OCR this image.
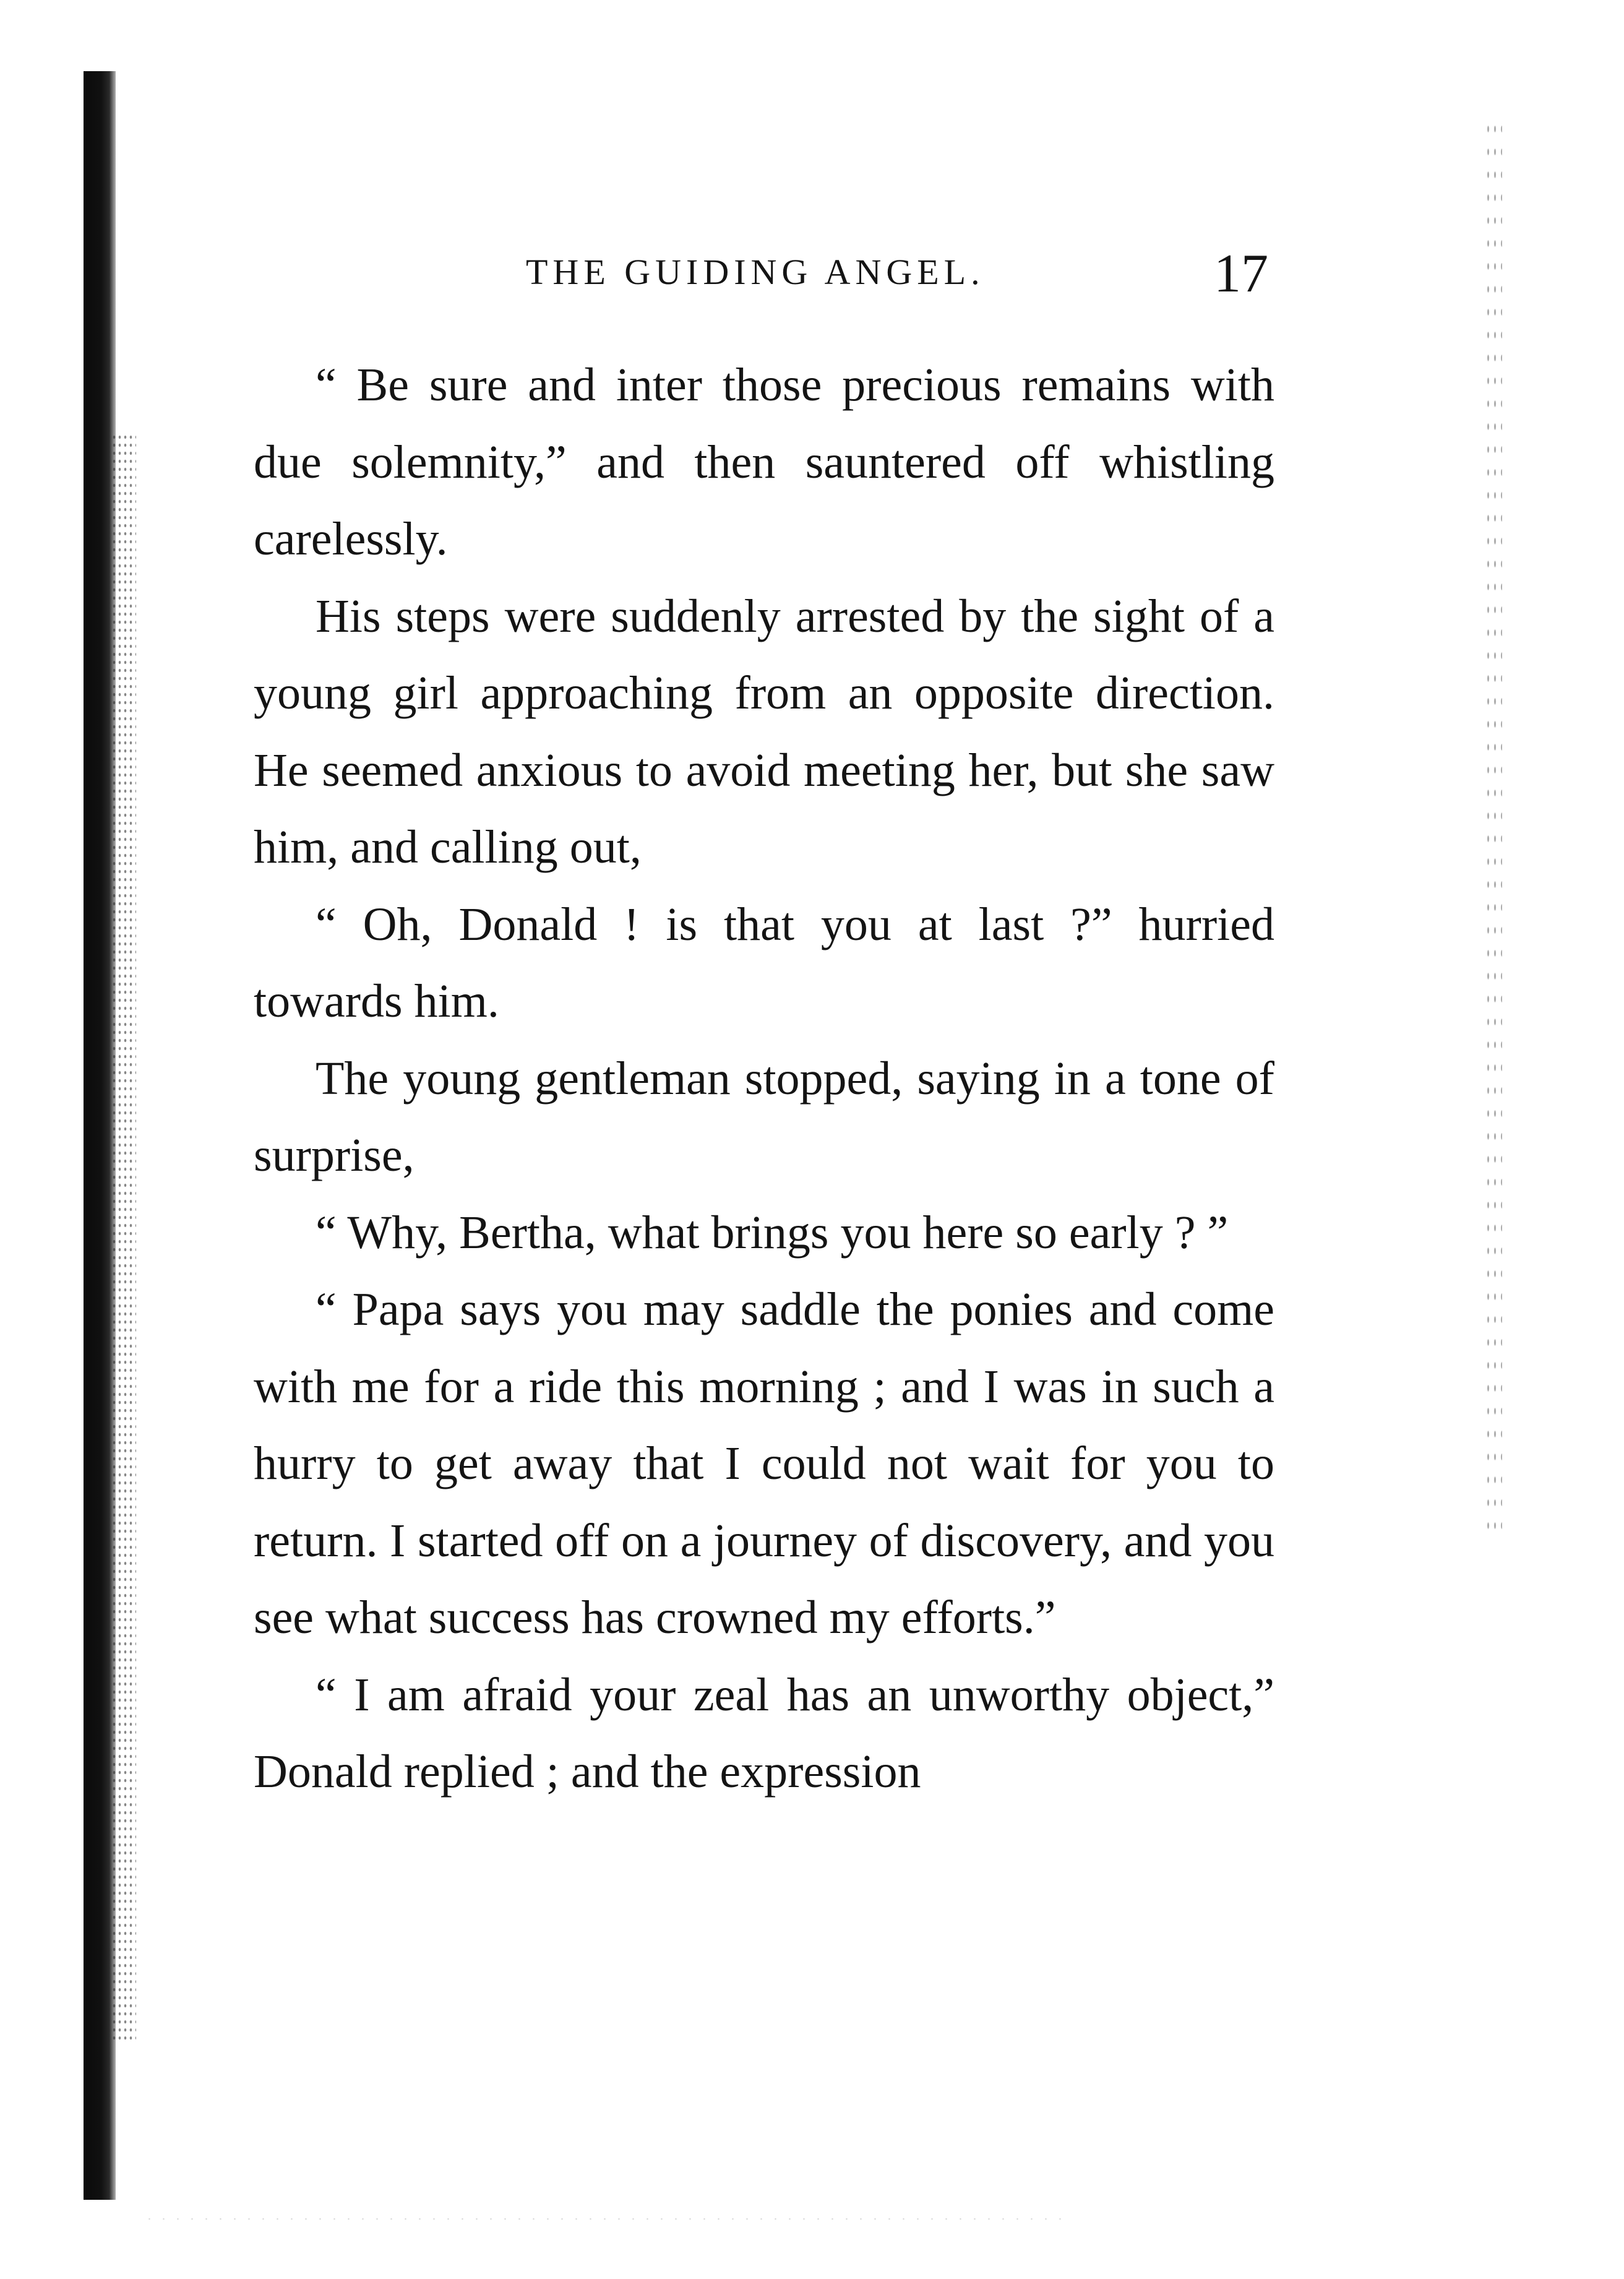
THE GUIDING ANGEL.	17

“ Be sure and inter those precious remains with due solemnity,” and then sauntered off whistling carelessly.

His steps were suddenly arrested by the sight of a young girl approaching from an opposite direction. He seemed anxious to avoid meeting her, but she saw him, and calling out,

“ Oh, Donald ! is that you at last ?” hurried towards him.

The young gentleman stopped, saying in a tone of surprise,

“ Why, Bertha, what brings you here so early ? ”

“ Papa says you may saddle the ponies and come with me for a ride this morning ; and I was in such a hurry to get away that I could not wait for you to return. I started off on a journey of discovery, and you see what success has crowned my efforts.”

“ I am afraid your zeal has an unworthy object,” Donald replied ; and the expression
